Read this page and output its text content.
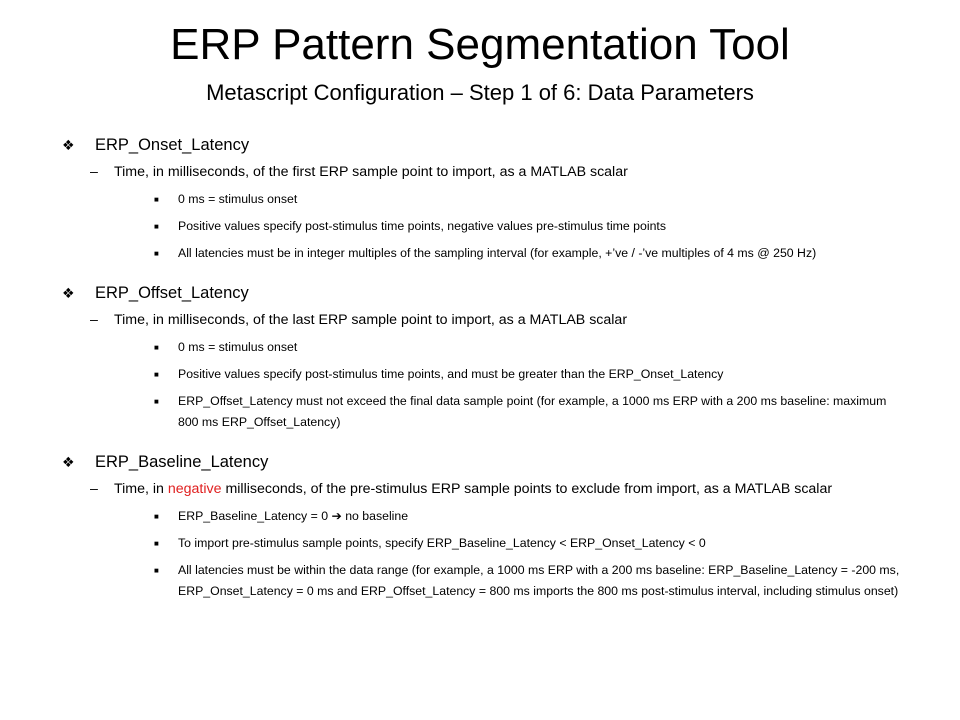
ERP Pattern Segmentation Tool
Metascript Configuration – Step 1 of 6: Data Parameters
❖ ERP_Onset_Latency
– Time, in milliseconds, of the first ERP sample point to import, as a MATLAB scalar
■ 0 ms = stimulus onset
■ Positive values specify post-stimulus time points, negative values pre-stimulus time points
■ All latencies must be in integer multiples of the sampling interval (for example, +’ve / -’ve multiples of 4 ms @ 250 Hz)
❖ ERP_Offset_Latency
– Time, in milliseconds, of the last ERP sample point to import, as a MATLAB scalar
■ 0 ms = stimulus onset
■ Positive values specify post-stimulus time points, and must be greater than the ERP_Onset_Latency
■ ERP_Offset_Latency must not exceed the final data sample point (for example, a 1000 ms ERP with a 200 ms baseline: maximum 800 ms ERP_Offset_Latency)
❖ ERP_Baseline_Latency
– Time, in negative milliseconds, of the pre-stimulus ERP sample points to exclude from import, as a MATLAB scalar
■ ERP_Baseline_Latency = 0 ➔ no baseline
■ To import pre-stimulus sample points, specify ERP_Baseline_Latency < ERP_Onset_Latency < 0
■ All latencies must be within the data range (for example, a 1000 ms ERP with a 200 ms baseline: ERP_Baseline_Latency = -200 ms, ERP_Onset_Latency = 0 ms and ERP_Offset_Latency = 800 ms imports the 800 ms post-stimulus interval, including stimulus onset)
